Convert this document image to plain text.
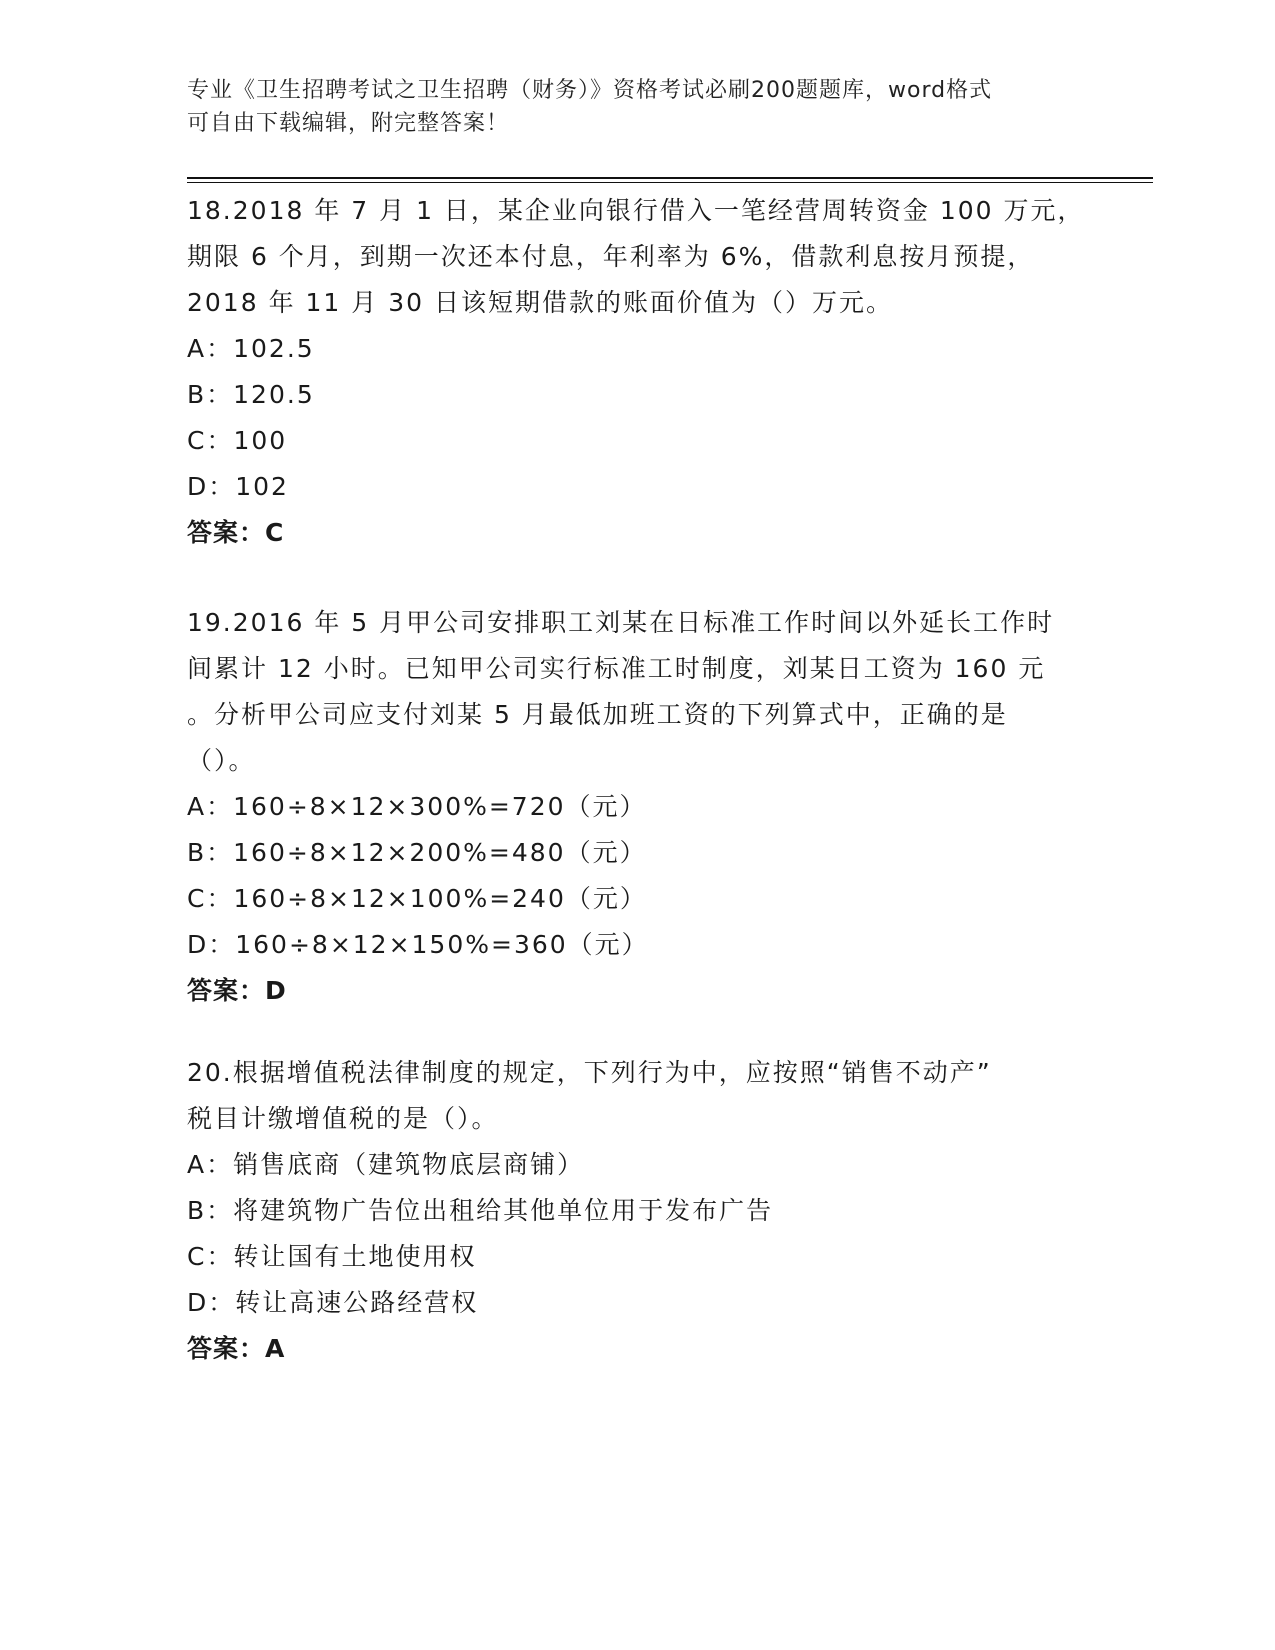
专业《卫生招聘考试之卫生招聘（财务）》资格考试必刷200题题库，word格式
可自由下载编辑，附完整答案！
18.2018 年 7 月 1 日，某企业向银行借入一笔经营周转资金 100 万元，
期限 6 个月，到期一次还本付息，年利率为 6%，借款利息按月预提，
2018 年 11 月 30 日该短期借款的账面价值为（）万元。
A：102.5
B：120.5
C：100
D：102
答案：C
19.2016 年 5 月甲公司安排职工刘某在日标准工作时间以外延长工作时
间累计 12 小时。已知甲公司实行标准工时制度，刘某日工资为 160 元
。分析甲公司应支付刘某 5 月最低加班工资的下列算式中，正确的是
（）。
A：160÷8×12×300%=720（元）
B：160÷8×12×200%=480（元）
C：160÷8×12×100%=240（元）
D：160÷8×12×150%=360（元）
答案：D
20.根据增值税法律制度的规定，下列行为中，应按照“销售不动产”
税目计缴增值税的是（）。
A：销售底商（建筑物底层商铺）
B：将建筑物广告位出租给其他单位用于发布广告
C：转让国有土地使用权
D：转让高速公路经营权
答案：A
